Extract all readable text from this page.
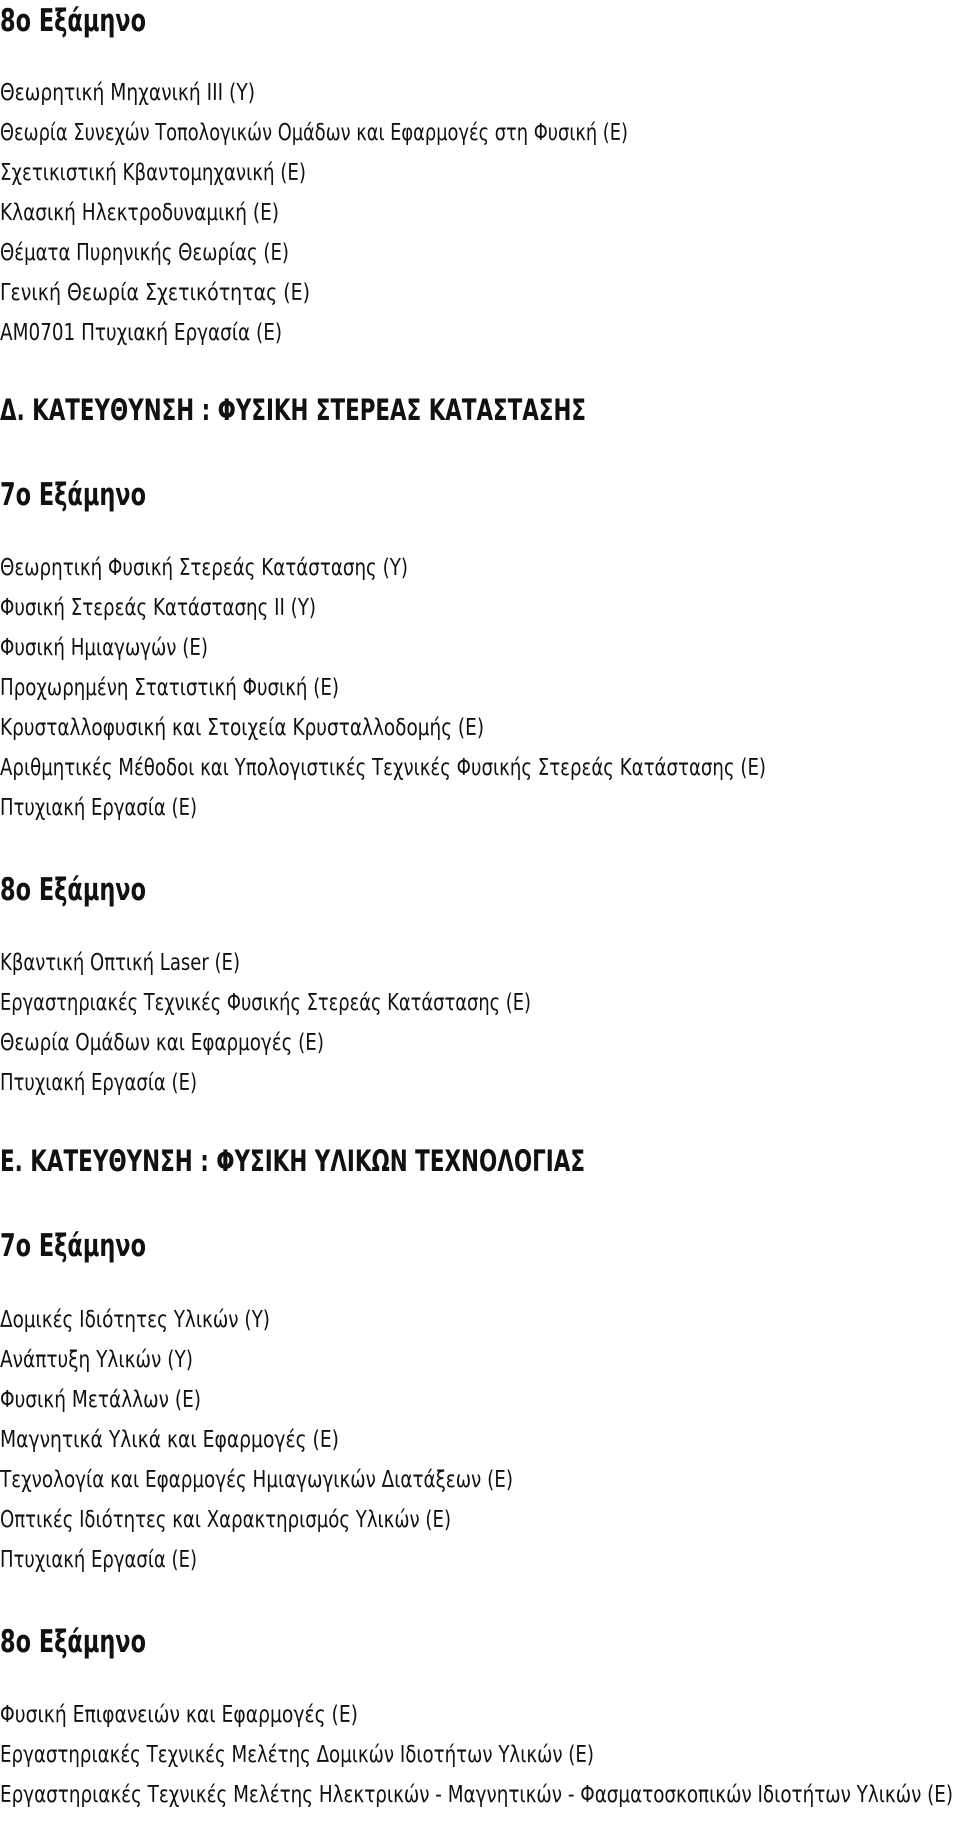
8ο Εξάμηνο
Θεωρητική Μηχανική ΙΙΙ (Υ)
Θεωρία Συνεχών Τοπολογικών Ομάδων και Εφαρμογές στη Φυσική (Ε)
Σχετικιστική Κβαντομηχανική (Ε)
Κλασική Ηλεκτροδυναμική (Ε)
Θέματα Πυρηνικής Θεωρίας (Ε)
Γενική Θεωρία Σχετικότητας (Ε)
ΑΜ0701 Πτυχιακή Εργασία (Ε)
Δ. ΚΑΤΕΥΘΥΝΣΗ : ΦΥΣΙΚΗ ΣΤΕΡΕΑΣ ΚΑΤΑΣΤΑΣΗΣ
7ο Εξάμηνο
Θεωρητική Φυσική Στερεάς Κατάστασης (Υ)
Φυσική Στερεάς Κατάστασης ΙΙ (Υ)
Φυσική Ημιαγωγών (Ε)
Προχωρημένη Στατιστική Φυσική (Ε)
Κρυσταλλοφυσική και Στοιχεία Κρυσταλλοδομής (Ε)
Αριθμητικές Μέθοδοι και Υπολογιστικές Τεχνικές Φυσικής Στερεάς Κατάστασης (Ε)
Πτυχιακή Εργασία (Ε)
8ο Εξάμηνο
Κβαντική Οπτική Laser (Ε)
Εργαστηριακές Τεχνικές Φυσικής Στερεάς Κατάστασης (Ε)
Θεωρία Ομάδων και Εφαρμογές (Ε)
Πτυχιακή Εργασία (Ε)
Ε. ΚΑΤΕΥΘΥΝΣΗ : ΦΥΣΙΚΗ ΥΛΙΚΩΝ ΤΕΧΝΟΛΟΓΙΑΣ
7ο Εξάμηνο
Δομικές Ιδιότητες Υλικών (Υ)
Ανάπτυξη Υλικών (Υ)
Φυσική Μετάλλων (Ε)
Μαγνητικά Υλικά και Εφαρμογές (Ε)
Τεχνολογία και Εφαρμογές Ημιαγωγικών Διατάξεων (Ε)
Οπτικές Ιδιότητες και Χαρακτηρισμός Υλικών (Ε)
Πτυχιακή Εργασία (Ε)
8ο Εξάμηνο
Φυσική Επιφανειών και Εφαρμογές (Ε)
Εργαστηριακές Τεχνικές Μελέτης Δομικών Ιδιοτήτων Υλικών (Ε)
Εργαστηριακές Τεχνικές Μελέτης Ηλεκτρικών - Μαγνητικών - Φασματοσκοπικών Ιδιοτήτων Υλικών (Ε)
